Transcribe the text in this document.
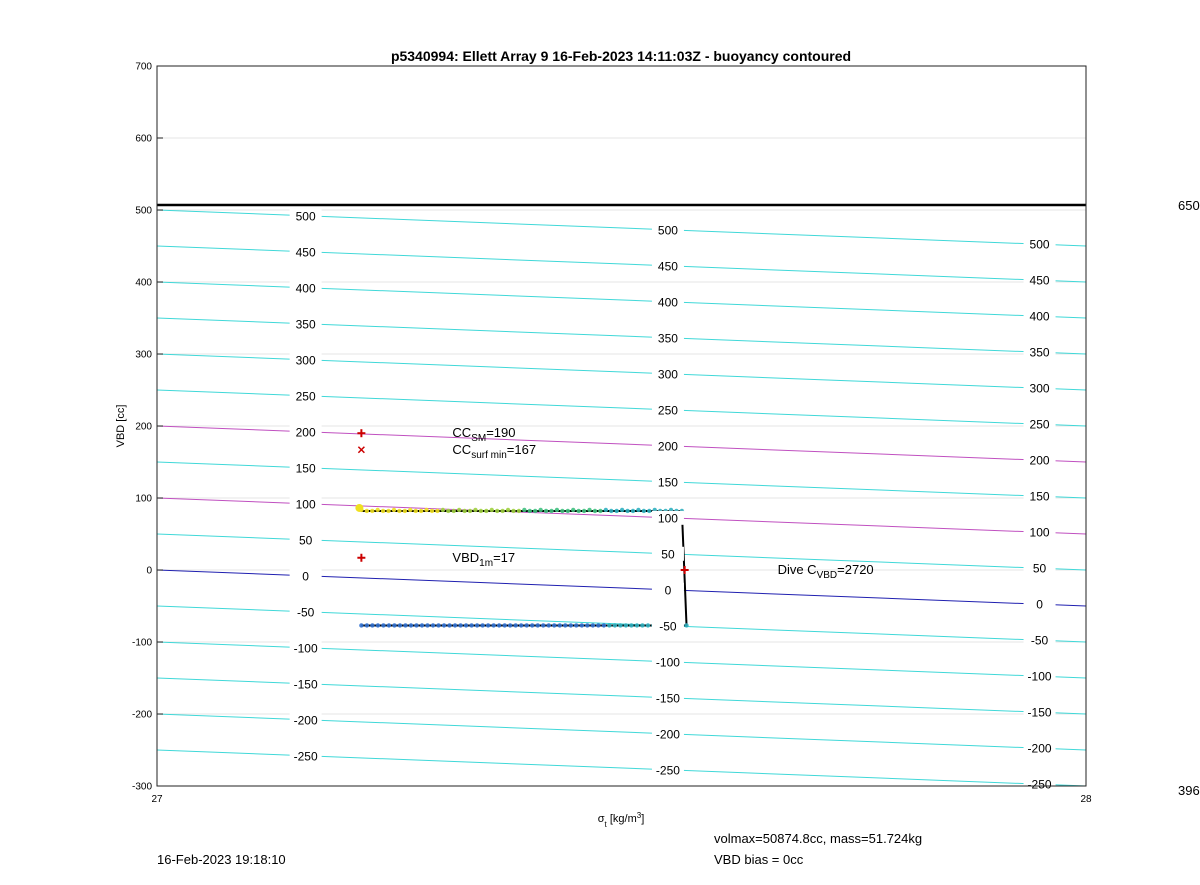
500
500
500
450
450
450
400
400
400
350
350
350
300
300
300
250
250
250
200
200
200
150
150
150
100
100
100
50
50
50
0
0
0
-50
-50
-50
-100
-100
-100
-150
-150
-150
-200
-200
-200
-250
-250
-250
$CC_{SM}=190$
$CC_{surf min}=167$
$VBD_{1m}=17$
Dive $C_{VBD}=2720$
700
600
500
400
300
200
100
0
-100
-200
-300
27	28
p5340994: Ellett Array 9 16-Feb-2023 14:11:03Z - buoyancy contoured
VBD [cc]
$\sigma_t$ $[kg/m^3]$
650
396
16-Feb-2023 19:18:10
volmax=50874.8cc, mass=51.724kg
VBD bias = 0cc
